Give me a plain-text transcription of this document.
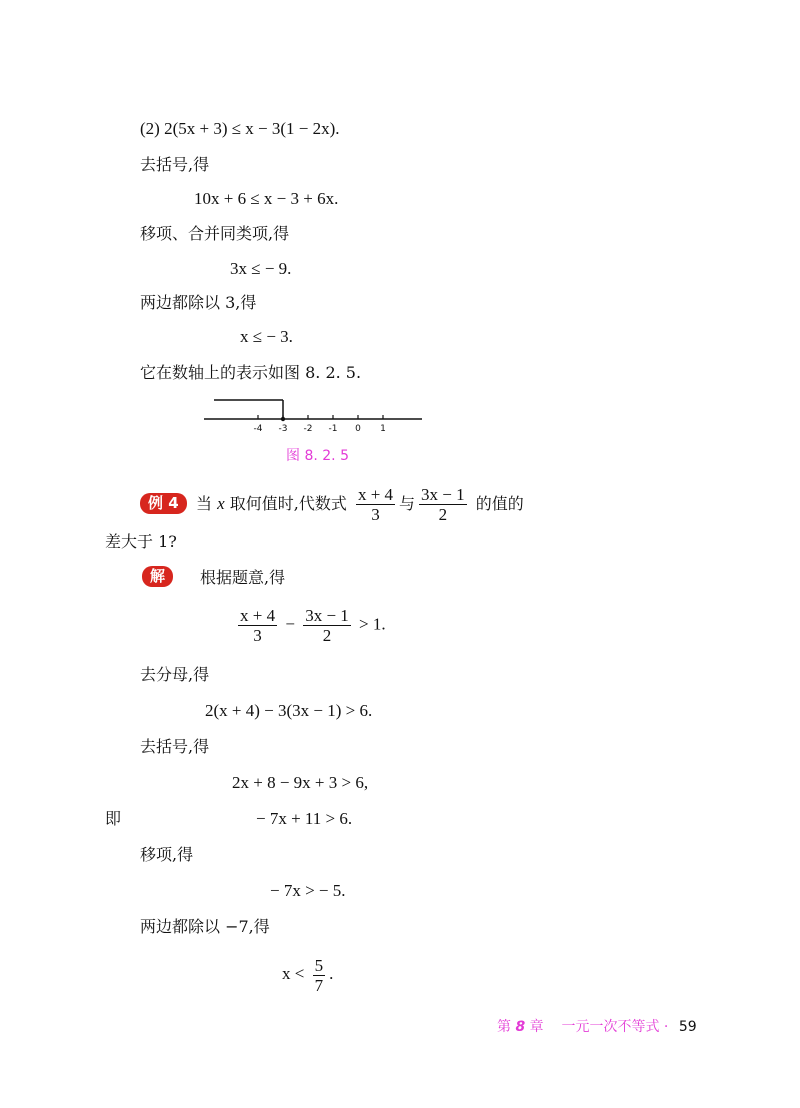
(2) 2(5x + 3) ≤ x − 3(1 − 2x).
去括号,得
10x + 6 ≤ x − 3 + 6x.
移项、合并同类项,得
3x ≤ − 9.
两边都除以 3,得
x ≤ − 3.
它在数轴上的表示如图 8. 2. 5.
-4 -3 -2 -1 0 1
图 8. 2. 5
例 4	当 x 取何值时,代数式 $\frac{x + 4}{3}$ 与 $\frac{3x - 1}{2}$ 的值的
差大于 1?
解	根据题意,得
$\frac{x + 4}{3} - \frac{3x - 1}{2} > 1$.
去分母,得
2(x + 4) − 3(3x − 1) > 6.
去括号,得
2x + 8 − 9x + 3 > 6,
即	− 7x + 11 > 6.
移项,得
− 7x > − 5.
两边都除以 −7,得
$x < \frac{5}{7}$ .
第 8 章 一元一次不等式 · 59
